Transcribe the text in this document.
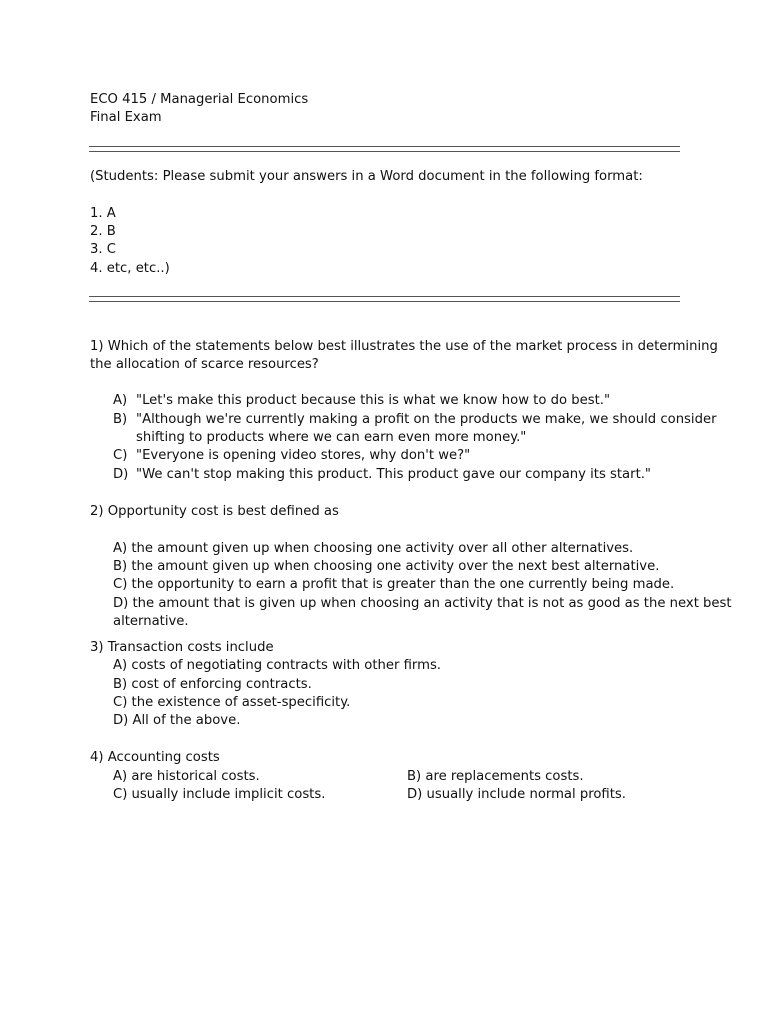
ECO 415 / Managerial Economics
Final Exam
(Students: Please submit your answers in a Word document in the following format:
1. A
2. B
3. C
4. etc, etc..)
1) Which of the statements below best illustrates the use of the market process in determining
the allocation of scarce resources?
A) "Let's make this product because this is what we know how to do best."
B) "Although we're currently making a profit on the products we make, we should consider
shifting to products where we can earn even more money."
C) "Everyone is opening video stores, why don't we?"
D) "We can't stop making this product. This product gave our company its start."
2) Opportunity cost is best defined as
A) the amount given up when choosing one activity over all other alternatives.
B) the amount given up when choosing one activity over the next best alternative.
C) the opportunity to earn a profit that is greater than the one currently being made.
D) the amount that is given up when choosing an activity that is not as good as the next best
alternative.
3) Transaction costs include
A) costs of negotiating contracts with other firms.
B) cost of enforcing contracts.
C) the existence of asset-specificity.
D) All of the above.
4) Accounting costs
A) are historical costs.	B) are replacements costs.
C) usually include implicit costs.	D) usually include normal profits.
